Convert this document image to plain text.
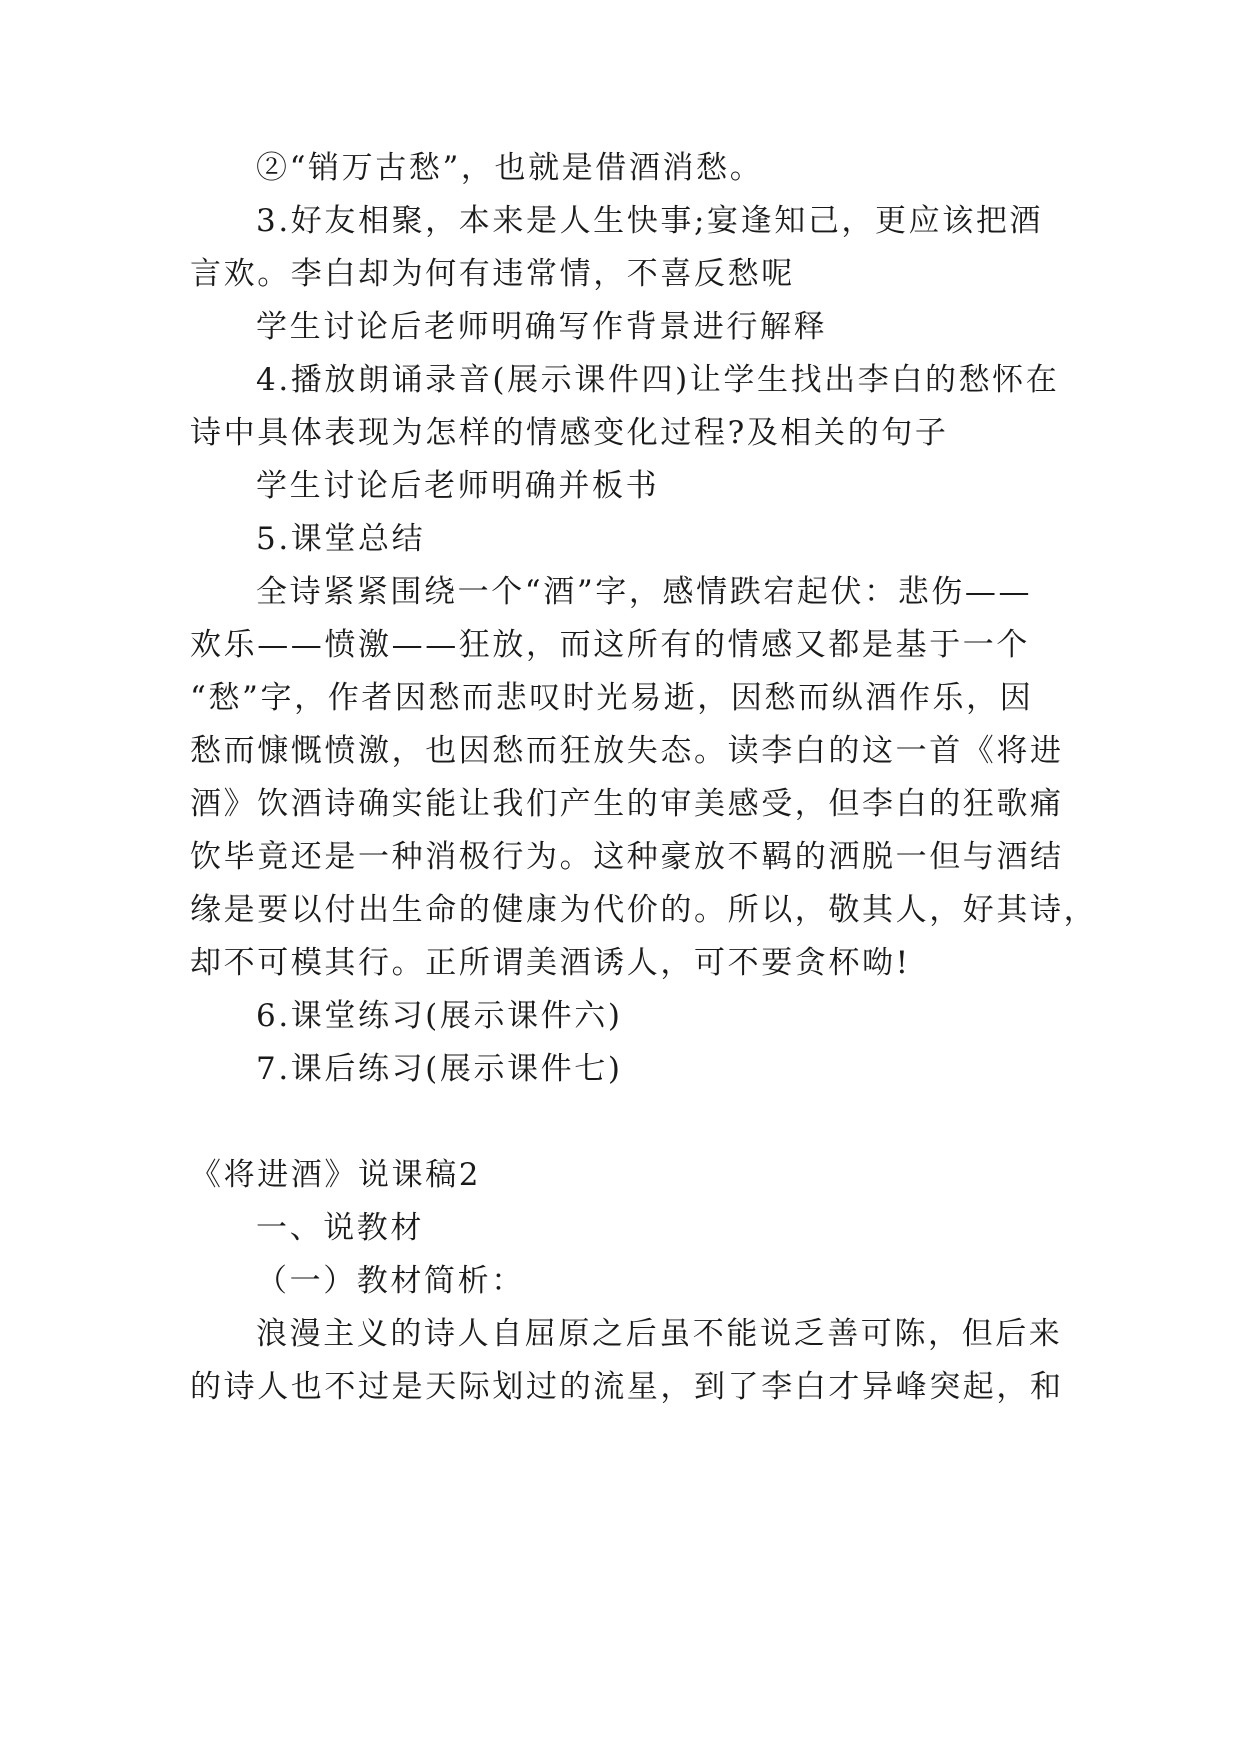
②“销万古愁”，也就是借酒消愁。
3.好友相聚，本来是人生快事;宴逢知己，更应该把酒
言欢。李白却为何有违常情，不喜反愁呢
学生讨论后老师明确写作背景进行解释
4.播放朗诵录音(展示课件四)让学生找出李白的愁怀在
诗中具体表现为怎样的情感变化过程?及相关的句子
学生讨论后老师明确并板书
5.课堂总结
全诗紧紧围绕一个“酒”字，感情跌宕起伏：悲伤——
欢乐——愤激——狂放，而这所有的情感又都是基于一个
“愁”字，作者因愁而悲叹时光易逝，因愁而纵酒作乐，因
愁而慷慨愤激，也因愁而狂放失态。读李白的这一首《将进
酒》饮酒诗确实能让我们产生的审美感受，但李白的狂歌痛
饮毕竟还是一种消极行为。这种豪放不羁的洒脱一但与酒结
缘是要以付出生命的健康为代价的。所以，敬其人，好其诗，
却不可模其行。正所谓美酒诱人，可不要贪杯呦!
6.课堂练习(展示课件六)
7.课后练习(展示课件七)
《将进酒》说课稿2
一、说教材
（一）教材简析：
浪漫主义的诗人自屈原之后虽不能说乏善可陈，但后来
的诗人也不过是天际划过的流星，到了李白才异峰突起，和
